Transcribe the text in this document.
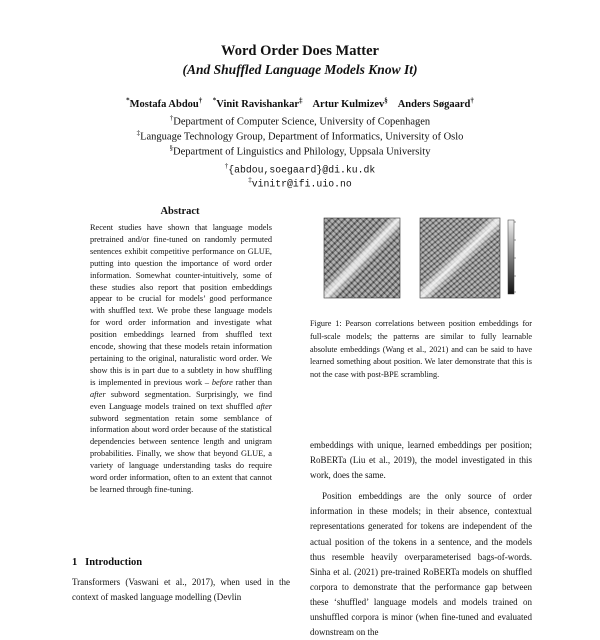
Word Order Does Matter
(And Shuffled Language Models Know It)
*Mostafa Abdou† *Vinit Ravishankar‡ Artur Kulmizev§ Anders Søgaard†
†Department of Computer Science, University of Copenhagen
‡Language Technology Group, Department of Informatics, University of Oslo
§Department of Linguistics and Philology, Uppsala University
†{abdou,soegaard}@di.ku.dk
‡vinitr@ifi.uio.no
Abstract
Recent studies have shown that language models pretrained and/or fine-tuned on randomly permuted sentences exhibit competitive performance on GLUE, putting into question the importance of word order information. Somewhat counter-intuitively, some of these studies also report that position embeddings appear to be crucial for models’ good performance with shuffled text. We probe these language models for word order information and investigate what position embeddings learned from shuffled text encode, showing that these models retain information pertaining to the original, naturalistic word order. We show this is in part due to a subtlety in how shuffling is implemented in previous work – before rather than after subword segmentation. Surprisingly, we find even Language models trained on text shuffled after subword segmentation retain some semblance of information about word order because of the statistical dependencies between sentence length and unigram probabilities. Finally, we show that beyond GLUE, a variety of language understanding tasks do require word order information, often to an extent that cannot be learned through fine-tuning.
1   Introduction
Transformers (Vaswani et al., 2017), when used in the context of masked language modelling (Devlin
Figure 1: Pearson correlations between position embeddings for full-scale models; the patterns are similar to fully learnable absolute embeddings (Wang et al., 2021) and can be said to have learned something about position. We later demonstrate that this is not the case with post-BPE scrambling.
embeddings with unique, learned embeddings per position; RoBERTa (Liu et al., 2019), the model investigated in this work, does the same.
Position embeddings are the only source of order information in these models; in their absence, contextual representations generated for tokens are independent of the actual position of the tokens in a sentence, and the models thus resemble heavily overparameterised bags-of-words. Sinha et al. (2021) pre-trained RoBERTa models on shuffled corpora to demonstrate that the performance gap between these ‘shuffled’ language models and models trained on unshuffled corpora is minor (when fine-tuned and evaluated downstream on the
